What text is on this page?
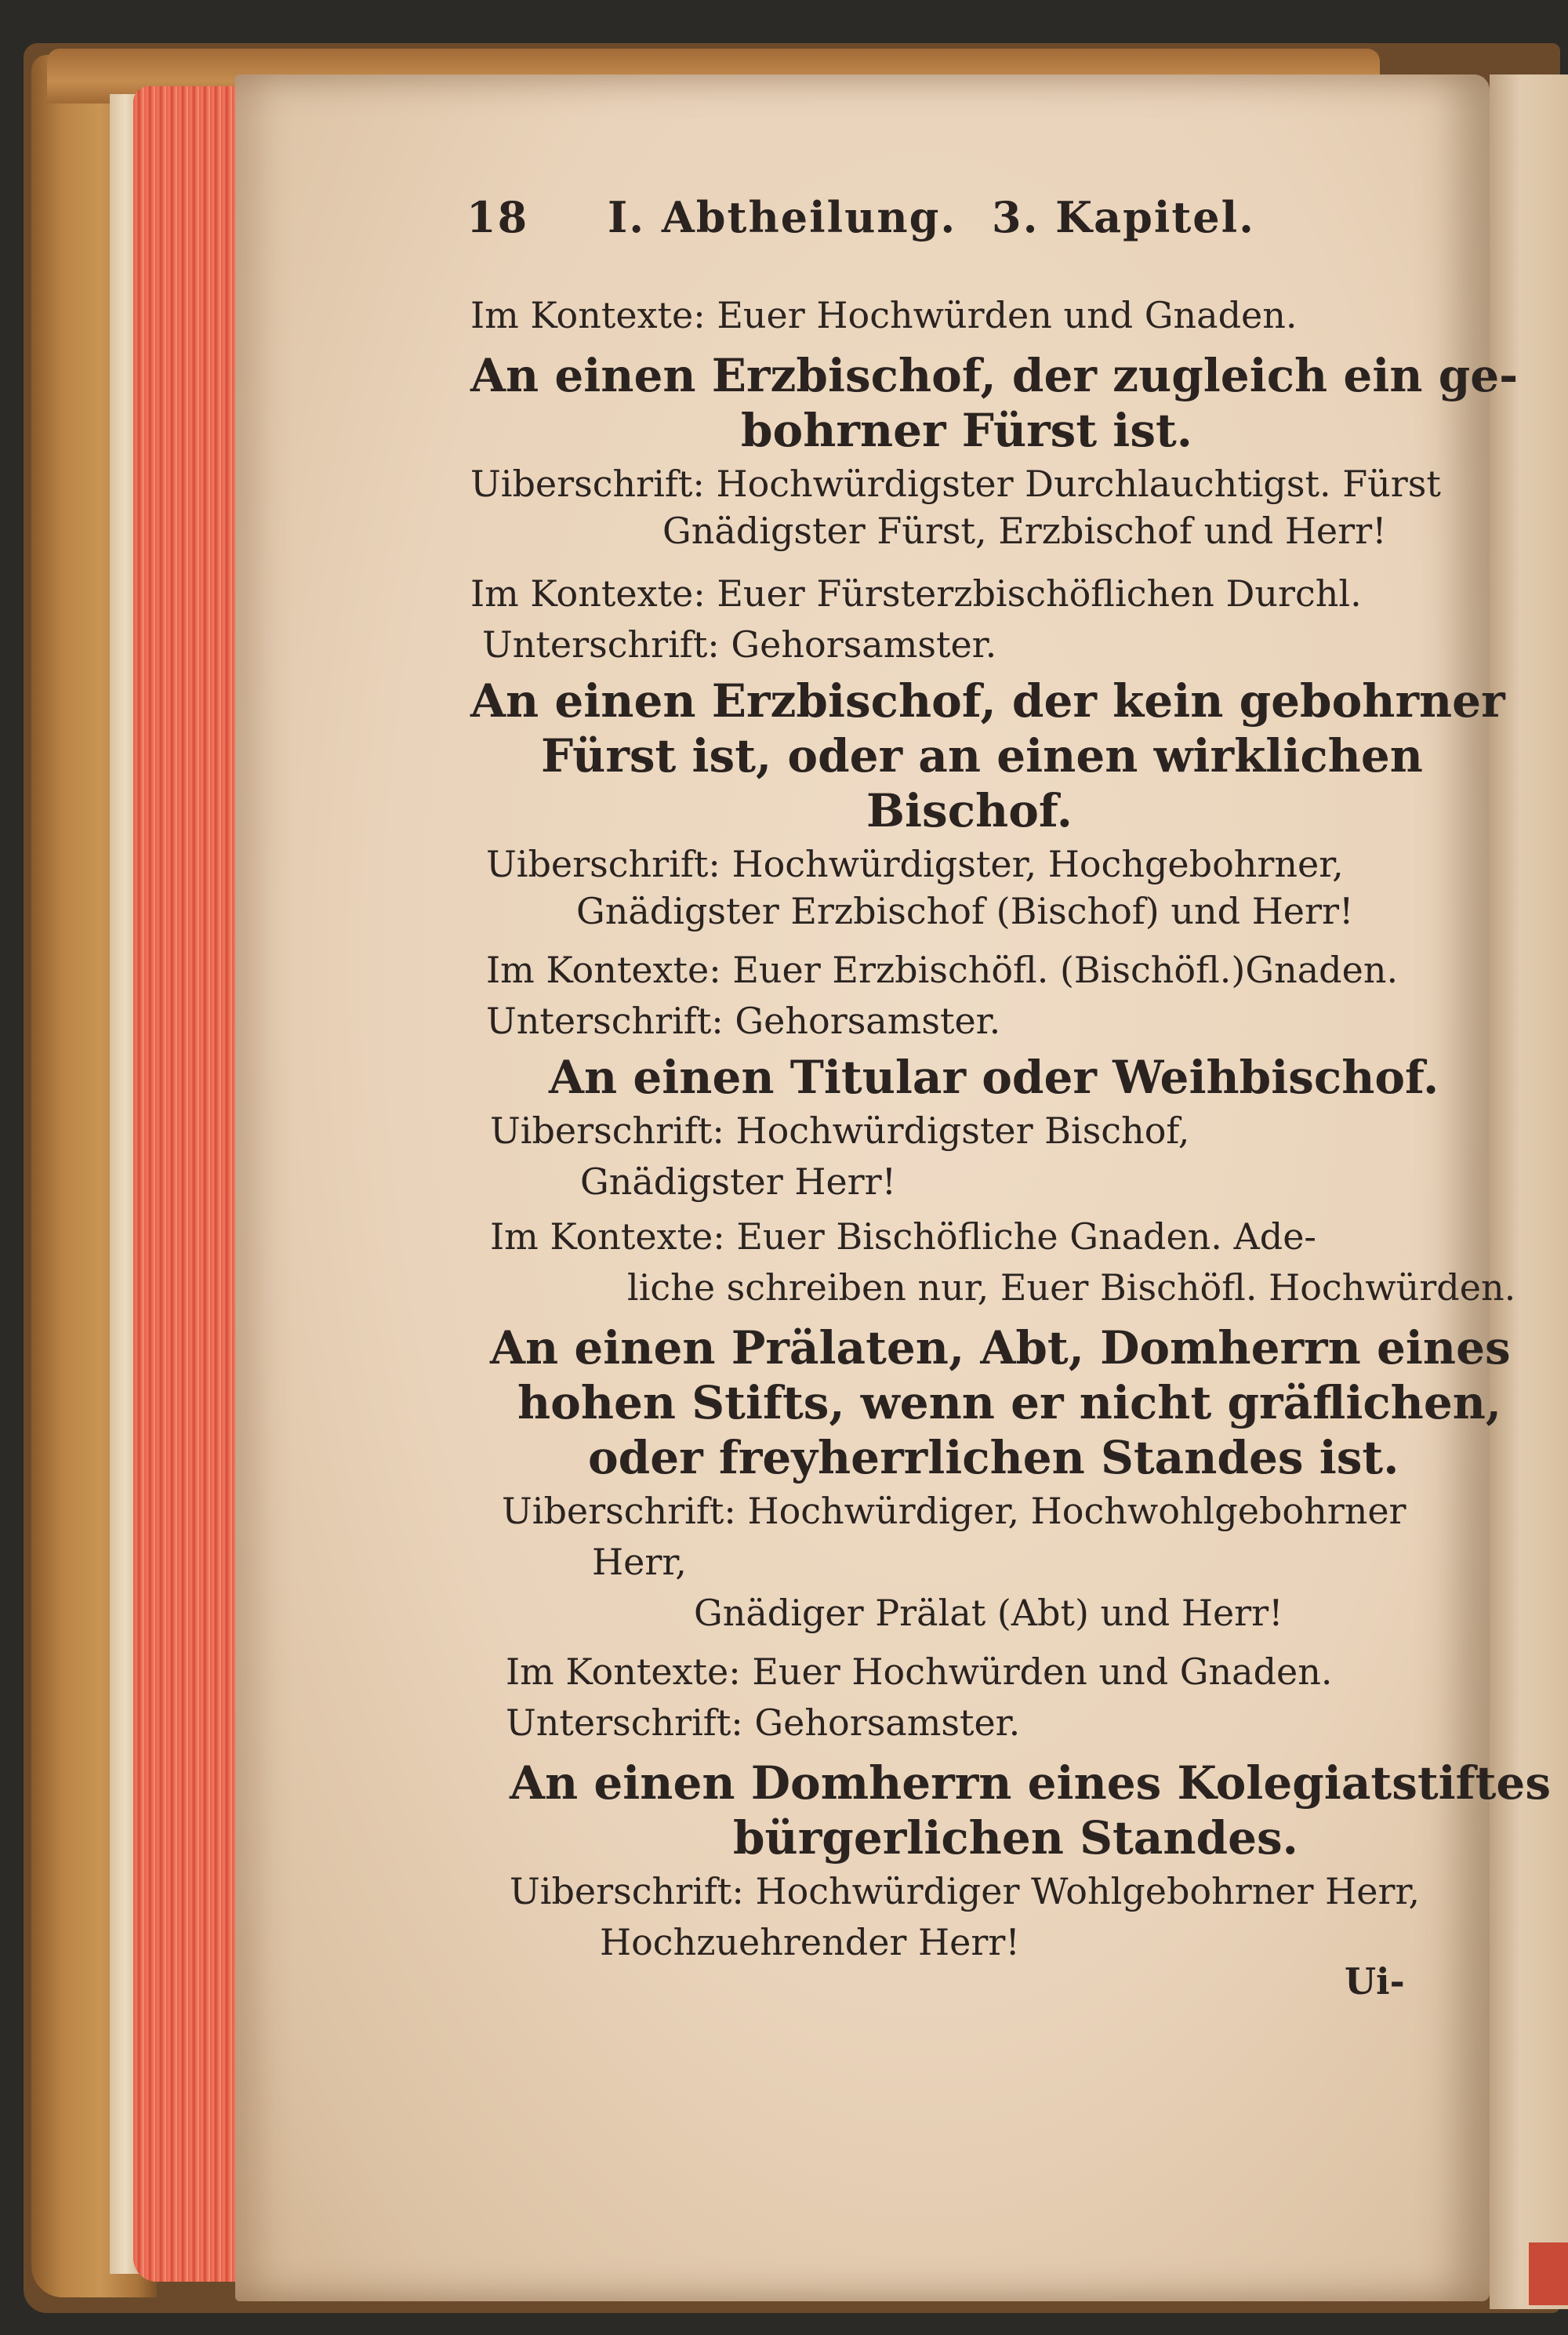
18 I. Abtheilung. 3. Kapitel.
Im Kontexte: Euer Hochwürden und Gnaden.
An einen Erzbischof, der zugleich ein ge-
bohrner Fürst ist.
Uiberschrift: Hochwürdigster Durchlauchtigst. Fürst
Gnädigster Fürst, Erzbischof und Herr!
Im Kontexte: Euer Fürsterzbischöflichen Durchl.
Unterschrift: Gehorsamster.
An einen Erzbischof, der kein gebohrner
Fürst ist, oder an einen wirklichen
Bischof.
Uiberschrift: Hochwürdigster, Hochgebohrner,
Gnädigster Erzbischof (Bischof) und Herr!
Im Kontexte: Euer Erzbischöfl. (Bischöfl.)Gnaden.
Unterschrift: Gehorsamster.
An einen Titular oder Weihbischof.
Uiberschrift: Hochwürdigster Bischof,
Gnädigster Herr!
Im Kontexte: Euer Bischöfliche Gnaden. Ade-
liche schreiben nur, Euer Bischöfl. Hochwürden.
An einen Prälaten, Abt, Domherrn eines
hohen Stifts, wenn er nicht gräflichen,
oder freyherrlichen Standes ist.
Uiberschrift: Hochwürdiger, Hochwohlgebohrner
Herr,
Gnädiger Prälat (Abt) und Herr!
Im Kontexte: Euer Hochwürden und Gnaden.
Unterschrift: Gehorsamster.
An einen Domherrn eines Kolegiatstiftes
bürgerlichen Standes.
Uiberschrift: Hochwürdiger Wohlgebohrner Herr,
Hochzuehrender Herr!
Ui-
